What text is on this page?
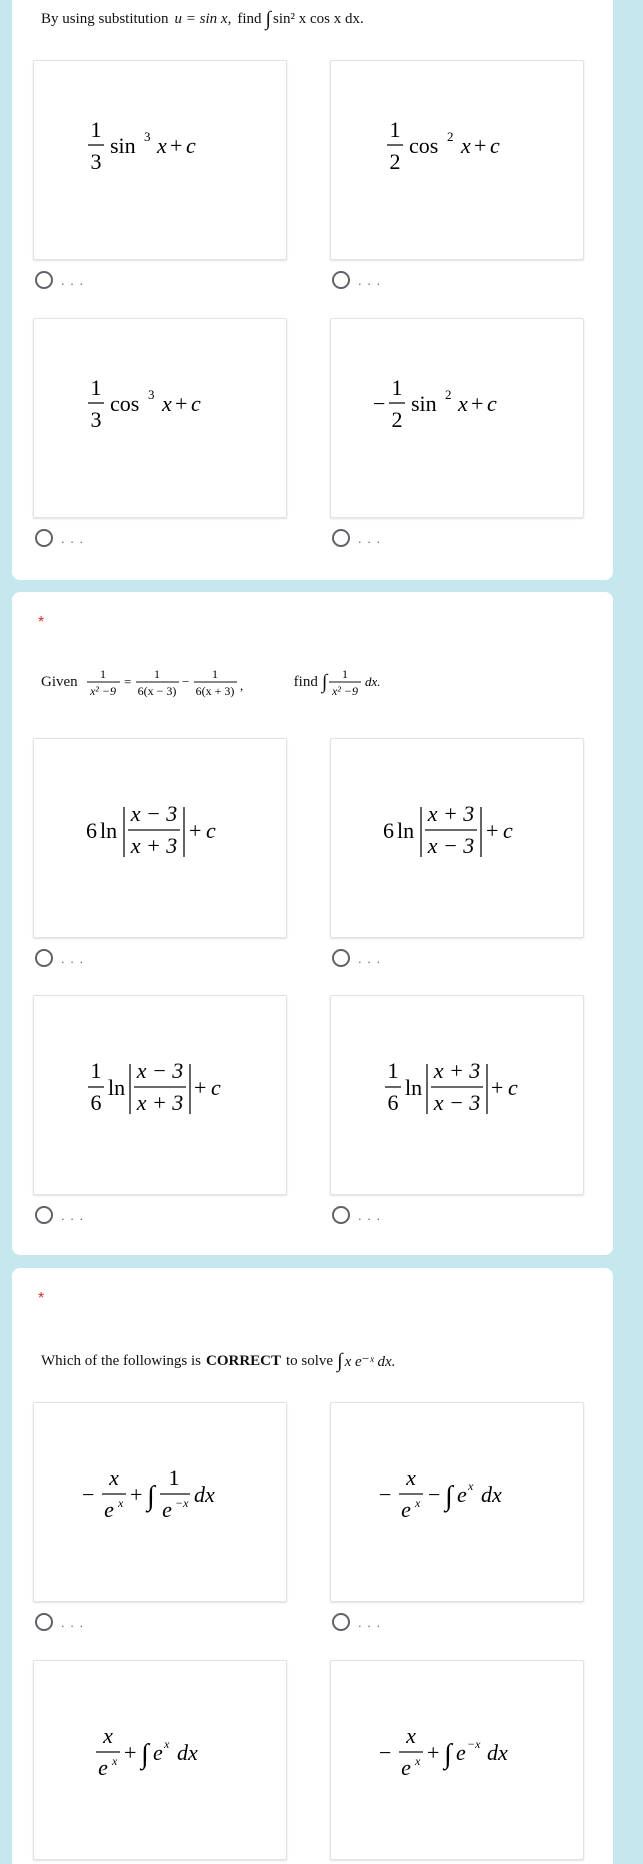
By using substitution u = sin x, find ∫ sin² x cos x dx.
1
3
sin 3 x + c
. . .
1
2
cos 2 x + c
. . .
1
3
cos 3 x + c
. . .
−
1
2
sin 2 x + c
. . .
*
Given 1
x² −9
= 1
6(x − 3)
− 1
6(x + 3) ,	find ∫ 1
x² −9
dx.
6 ln
x − 3
x + 3
+ c
. . .
6 ln
x + 3
x − 3
+ c
. . .
1
6
ln
x − 3
x + 3
+ c
. . .
1
6
ln
x + 3
x − 3
+ c
. . .
*
Which of the followings is CORRECT to solve ∫ x e⁻ˣ dx.
−
x
e x + ∫
1
e −x dx
. . .
−
x
e x − ∫ e x dx
. . .
x
e x + ∫ e x dx	−
x
e x + ∫ e −x dx
